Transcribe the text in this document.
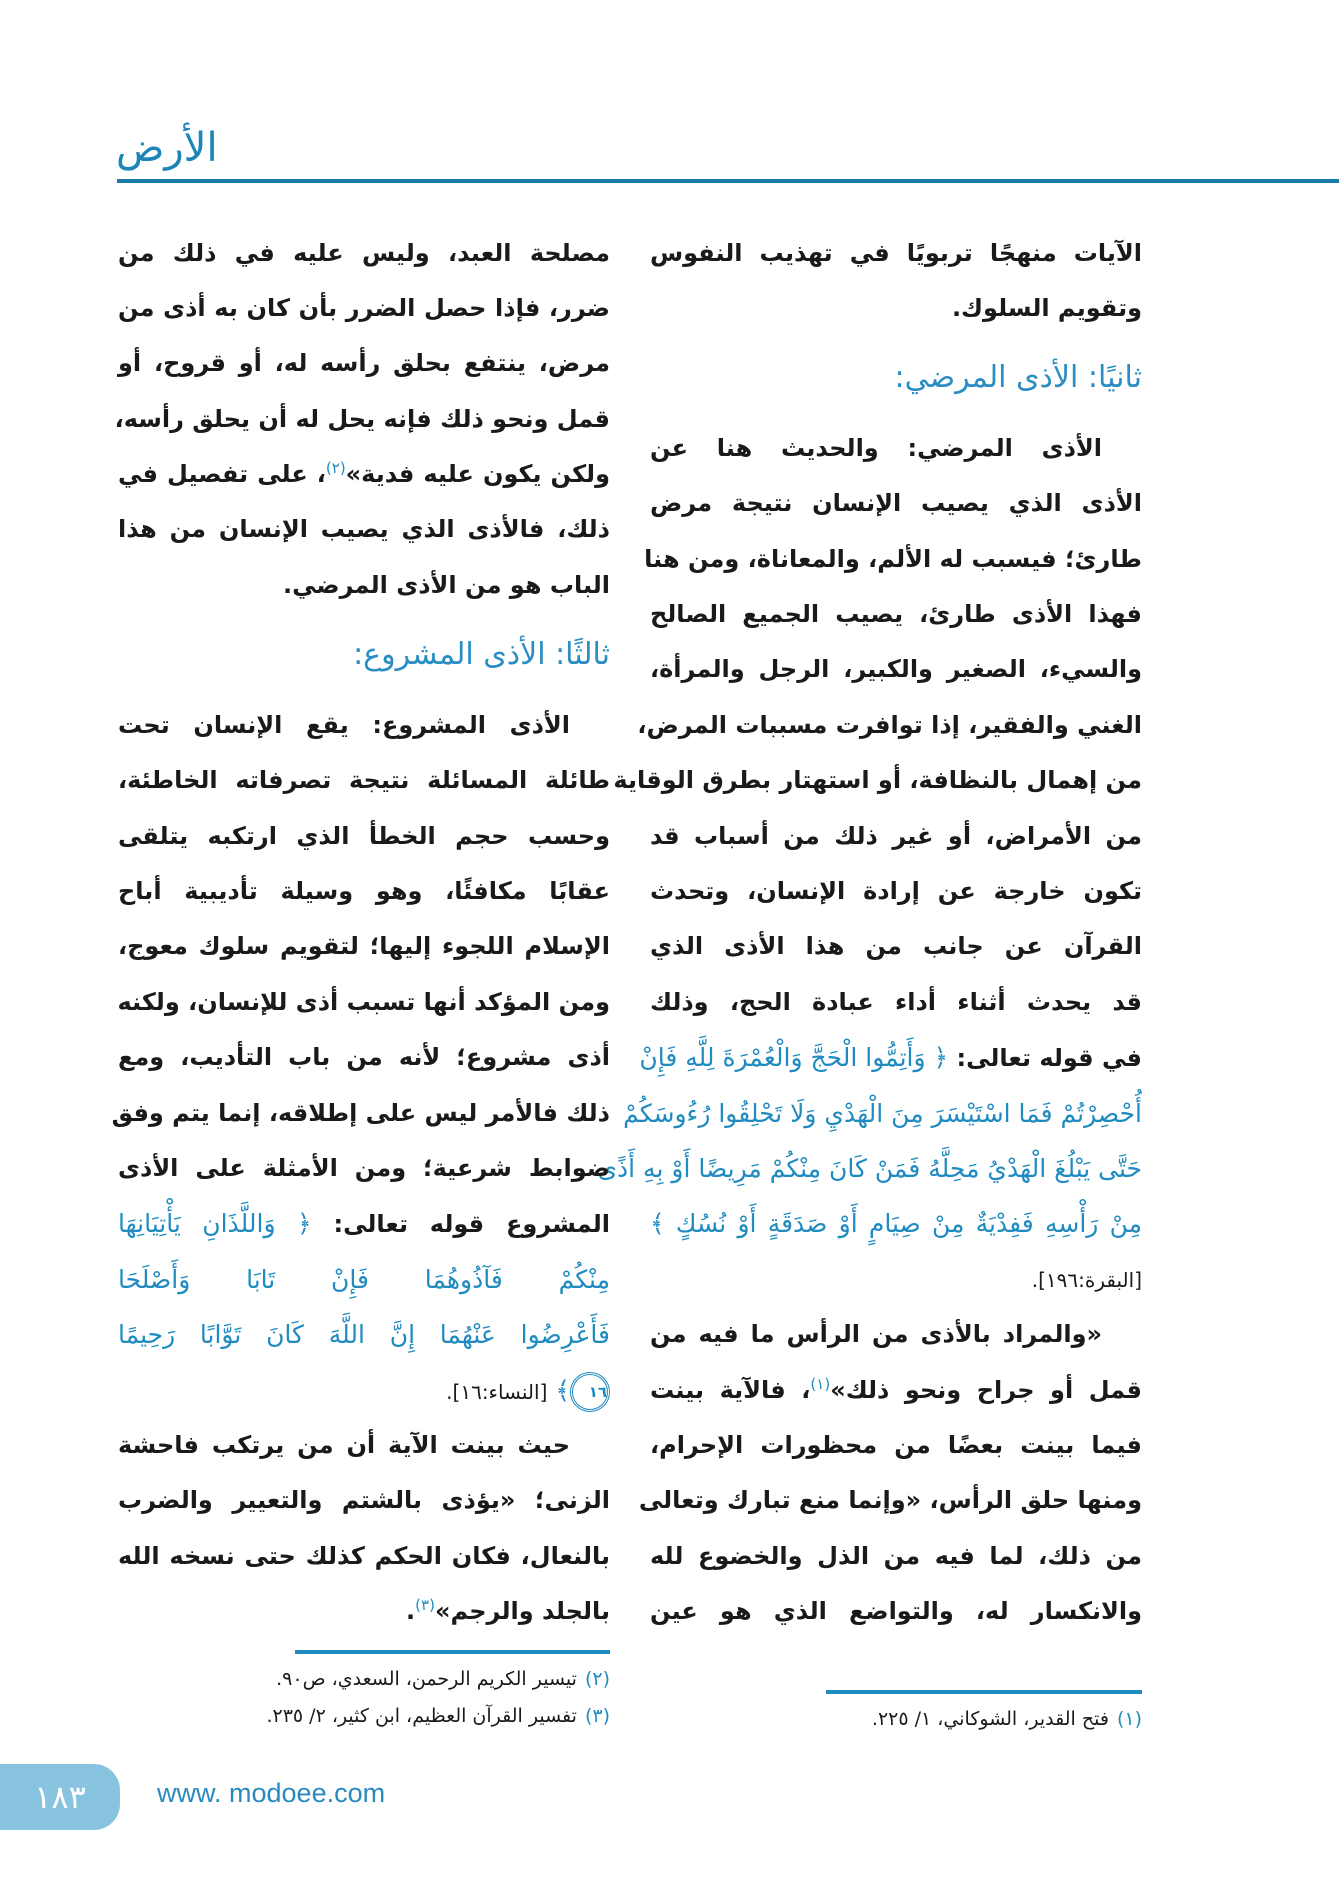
الأرض
الآيات منهجًا تربويًا في تهذيب النفوس
وتقويم السلوك.
ثانيًا: الأذى المرضي:
الأذى المرضي: والحديث هنا عن
الأذى الذي يصيب الإنسان نتيجة مرض
طارئ؛ فيسبب له الألم، والمعاناة، ومن هنا
فهذا الأذى طارئ، يصيب الجميع الصالح
والسيء، الصغير والكبير، الرجل والمرأة،
الغني والفقير، إذا توافرت مسببات المرض،
من إهمال بالنظافة، أو استهتار بطرق الوقاية
من الأمراض، أو غير ذلك من أسباب قد
تكون خارجة عن إرادة الإنسان، وتحدث
القرآن عن جانب من هذا الأذى الذي
قد يحدث أثناء أداء عبادة الحج، وذلك
في قوله تعالى: ﴿ وَأَتِمُّوا الْحَجَّ وَالْعُمْرَةَ لِلَّهِ فَإِنْ
أُحْصِرْتُمْ فَمَا اسْتَيْسَرَ مِنَ الْهَدْيِ وَلَا تَحْلِقُوا رُءُوسَكُمْ
حَتَّى يَبْلُغَ الْهَدْيُ مَحِلَّهُ فَمَنْ كَانَ مِنْكُمْ مَرِيضًا أَوْ بِهِ أَذًى
مِنْ رَأْسِهِ فَفِدْيَةٌ مِنْ صِيَامٍ أَوْ صَدَقَةٍ أَوْ نُسُكٍ ﴾
[البقرة:١٩٦].
«والمراد بالأذى من الرأس ما فيه من
قمل أو جراح ونحو ذلك»$^{(١)}$، فالآية بينت
فيما بينت بعضًا من محظورات الإحرام،
ومنها حلق الرأس، «وإنما منع تبارك وتعالى
من ذلك، لما فيه من الذل والخضوع لله
والانكسار له، والتواضع الذي هو عين
مصلحة العبد، وليس عليه في ذلك من
ضرر، فإذا حصل الضرر بأن كان به أذى من
مرض، ينتفع بحلق رأسه له، أو قروح، أو
قمل ونحو ذلك فإنه يحل له أن يحلق رأسه،
ولكن يكون عليه فدية»$^{(٢)}$، على تفصيل في
ذلك، فالأذى الذي يصيب الإنسان من هذا
الباب هو من الأذى المرضي.
ثالثًا: الأذى المشروع:
الأذى المشروع: يقع الإنسان تحت
طائلة المسائلة نتيجة تصرفاته الخاطئة،
وحسب حجم الخطأ الذي ارتكبه يتلقى
عقابًا مكافئًا، وهو وسيلة تأديبية أباح
الإسلام اللجوء إليها؛ لتقويم سلوك معوج،
ومن المؤكد أنها تسبب أذى للإنسان، ولكنه
أذى مشروع؛ لأنه من باب التأديب، ومع
ذلك فالأمر ليس على إطلاقه، إنما يتم وفق
ضوابط شرعية؛ ومن الأمثلة على الأذى
المشروع قوله تعالى: ﴿ وَاللَّذَانِ يَأْتِيَانِهَا
مِنْكُمْ فَآذُوهُمَا فَإِنْ تَابَا وَأَصْلَحَا
فَأَعْرِضُوا عَنْهُمَا إِنَّ اللَّهَ كَانَ تَوَّابًا رَحِيمًا
١٦﴾ [النساء:١٦].
حيث بينت الآية أن من يرتكب فاحشة
الزنى؛ «يؤذى بالشتم والتعيير والضرب
بالنعال، فكان الحكم كذلك حتى نسخه الله
بالجلد والرجم»$^{(٣)}$.
(٢)تيسير الكريم الرحمن، السعدي، ص٩٠.
(٣)تفسير القرآن العظيم، ابن كثير، ٢/ ٢٣٥.	(١)فتح القدير، الشوكاني، ١/ ٢٢٥.
١٨٣	www. modoee.com
